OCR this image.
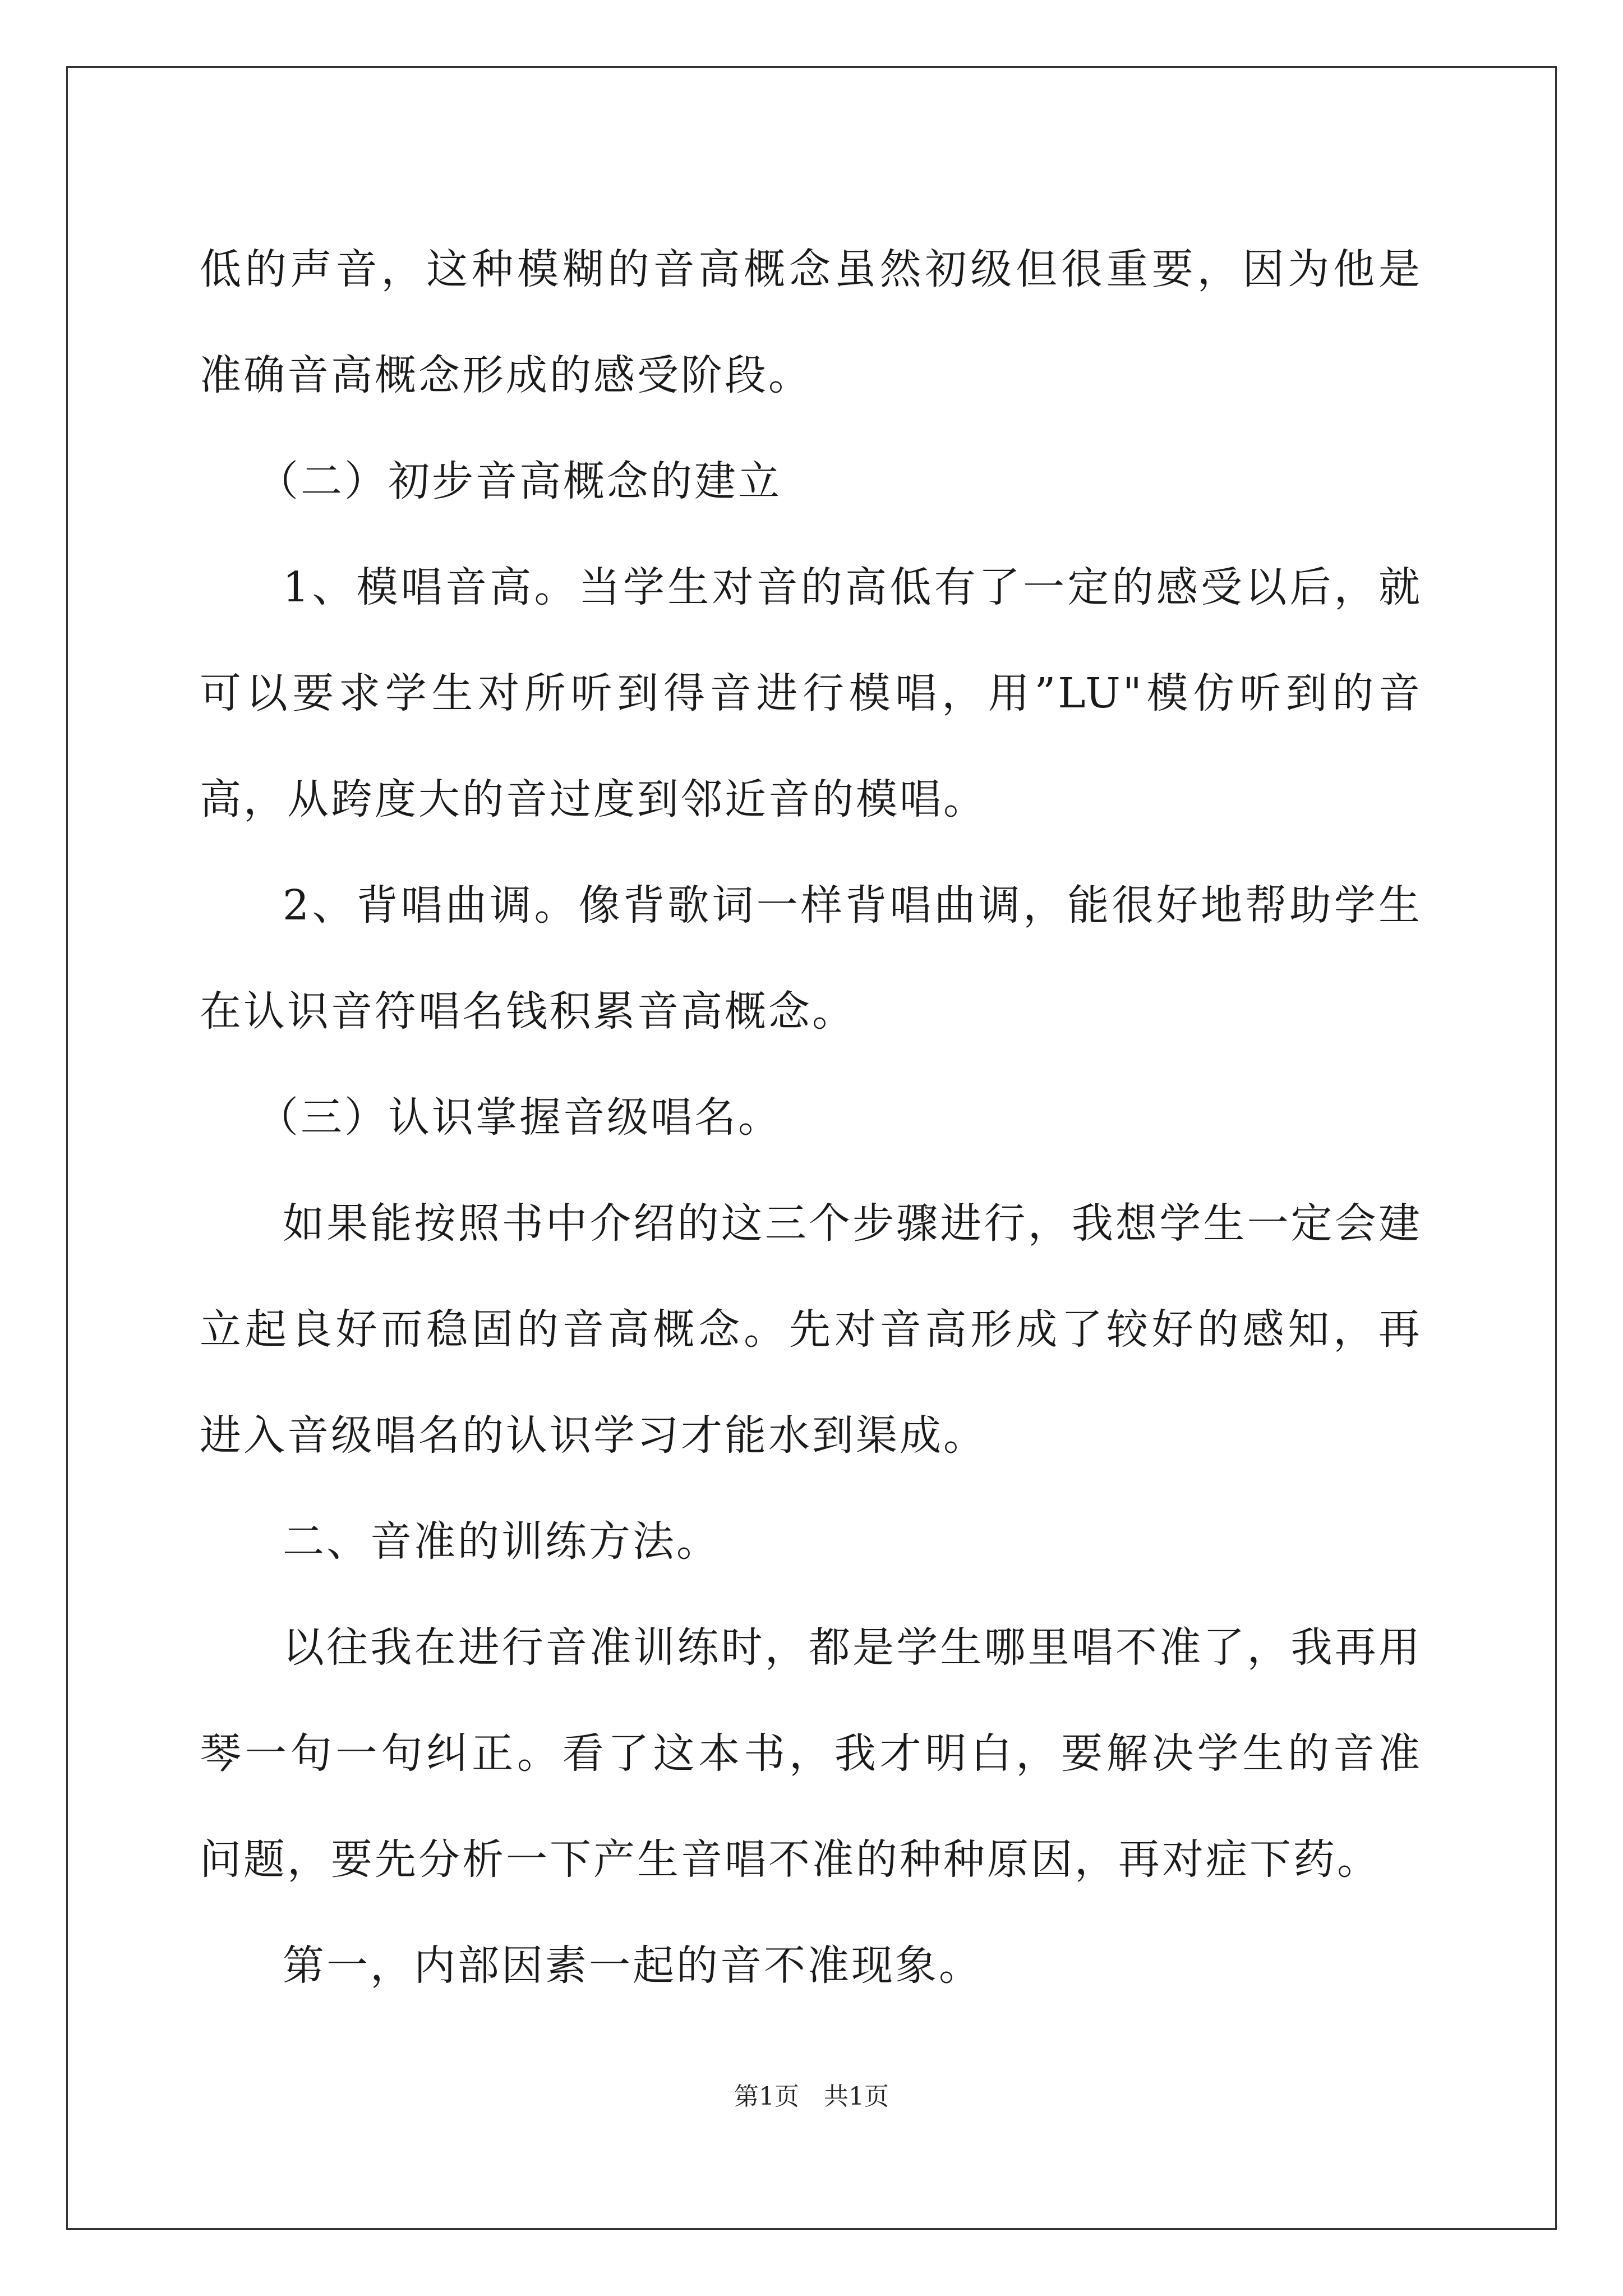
低的声音，这种模糊的音高概念虽然初级但很重要，因为他是准确音高概念形成的感受阶段。

（二）初步音高概念的建立

1、模唱音高。当学生对音的高低有了一定的感受以后，就可以要求学生对所听到得音进行模唱，用”LU"模仿听到的音高，从跨度大的音过度到邻近音的模唱。

2、背唱曲调。像背歌词一样背唱曲调，能很好地帮助学生在认识音符唱名钱积累音高概念。

（三）认识掌握音级唱名。

如果能按照书中介绍的这三个步骤进行，我想学生一定会建立起良好而稳固的音高概念。先对音高形成了较好的感知，再进入音级唱名的认识学习才能水到渠成。

二、音准的训练方法。

以往我在进行音准训练时，都是学生哪里唱不准了，我再用琴一句一句纠正。看了这本书，我才明白，要解决学生的音准问题，要先分析一下产生音唱不准的种种原因，再对症下药。

第一，内部因素一起的音不准现象。

第1页　共1页
